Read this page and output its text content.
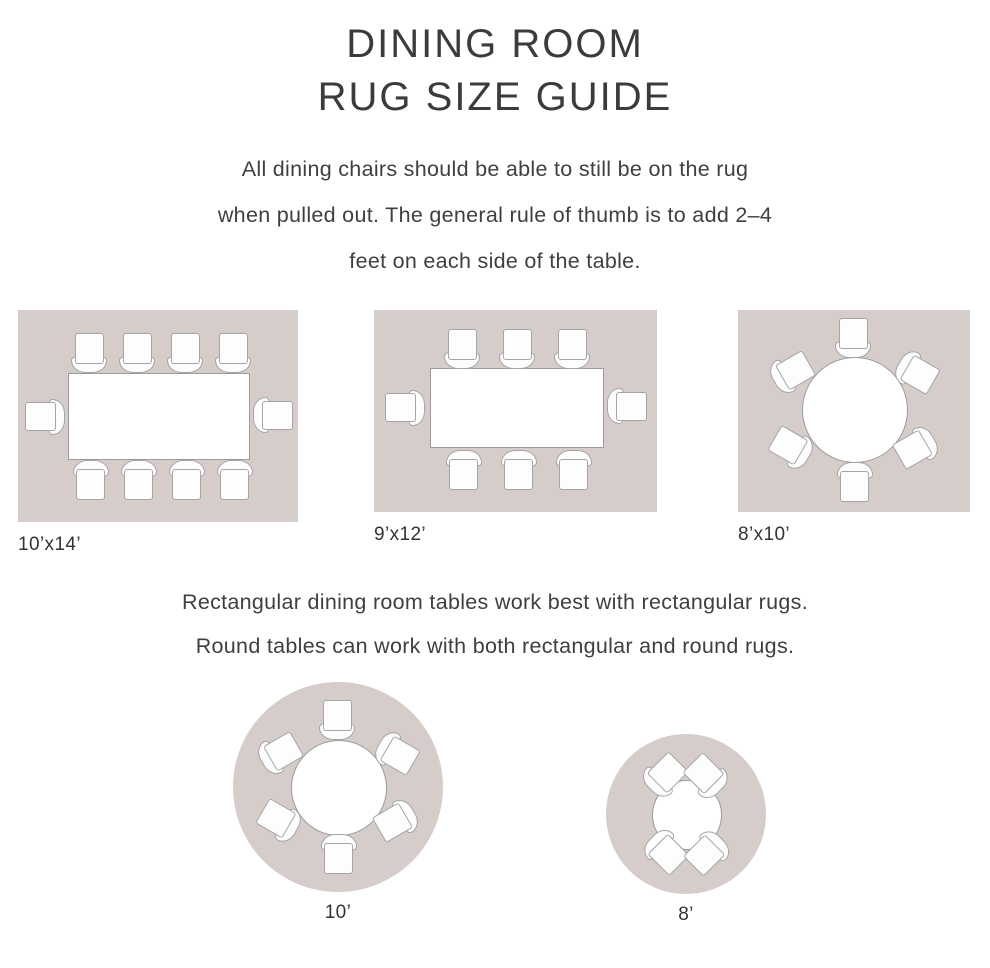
DINING ROOM
RUG SIZE GUIDE
All dining chairs should be able to still be on the rug
when pulled out. The general rule of thumb is to add 2–4
feet on each side of the table.
10’x14’	9’x12’	8’x10’
Rectangular dining room tables work best with rectangular rugs.
Round tables can work with both rectangular and round rugs.
10’	8’
